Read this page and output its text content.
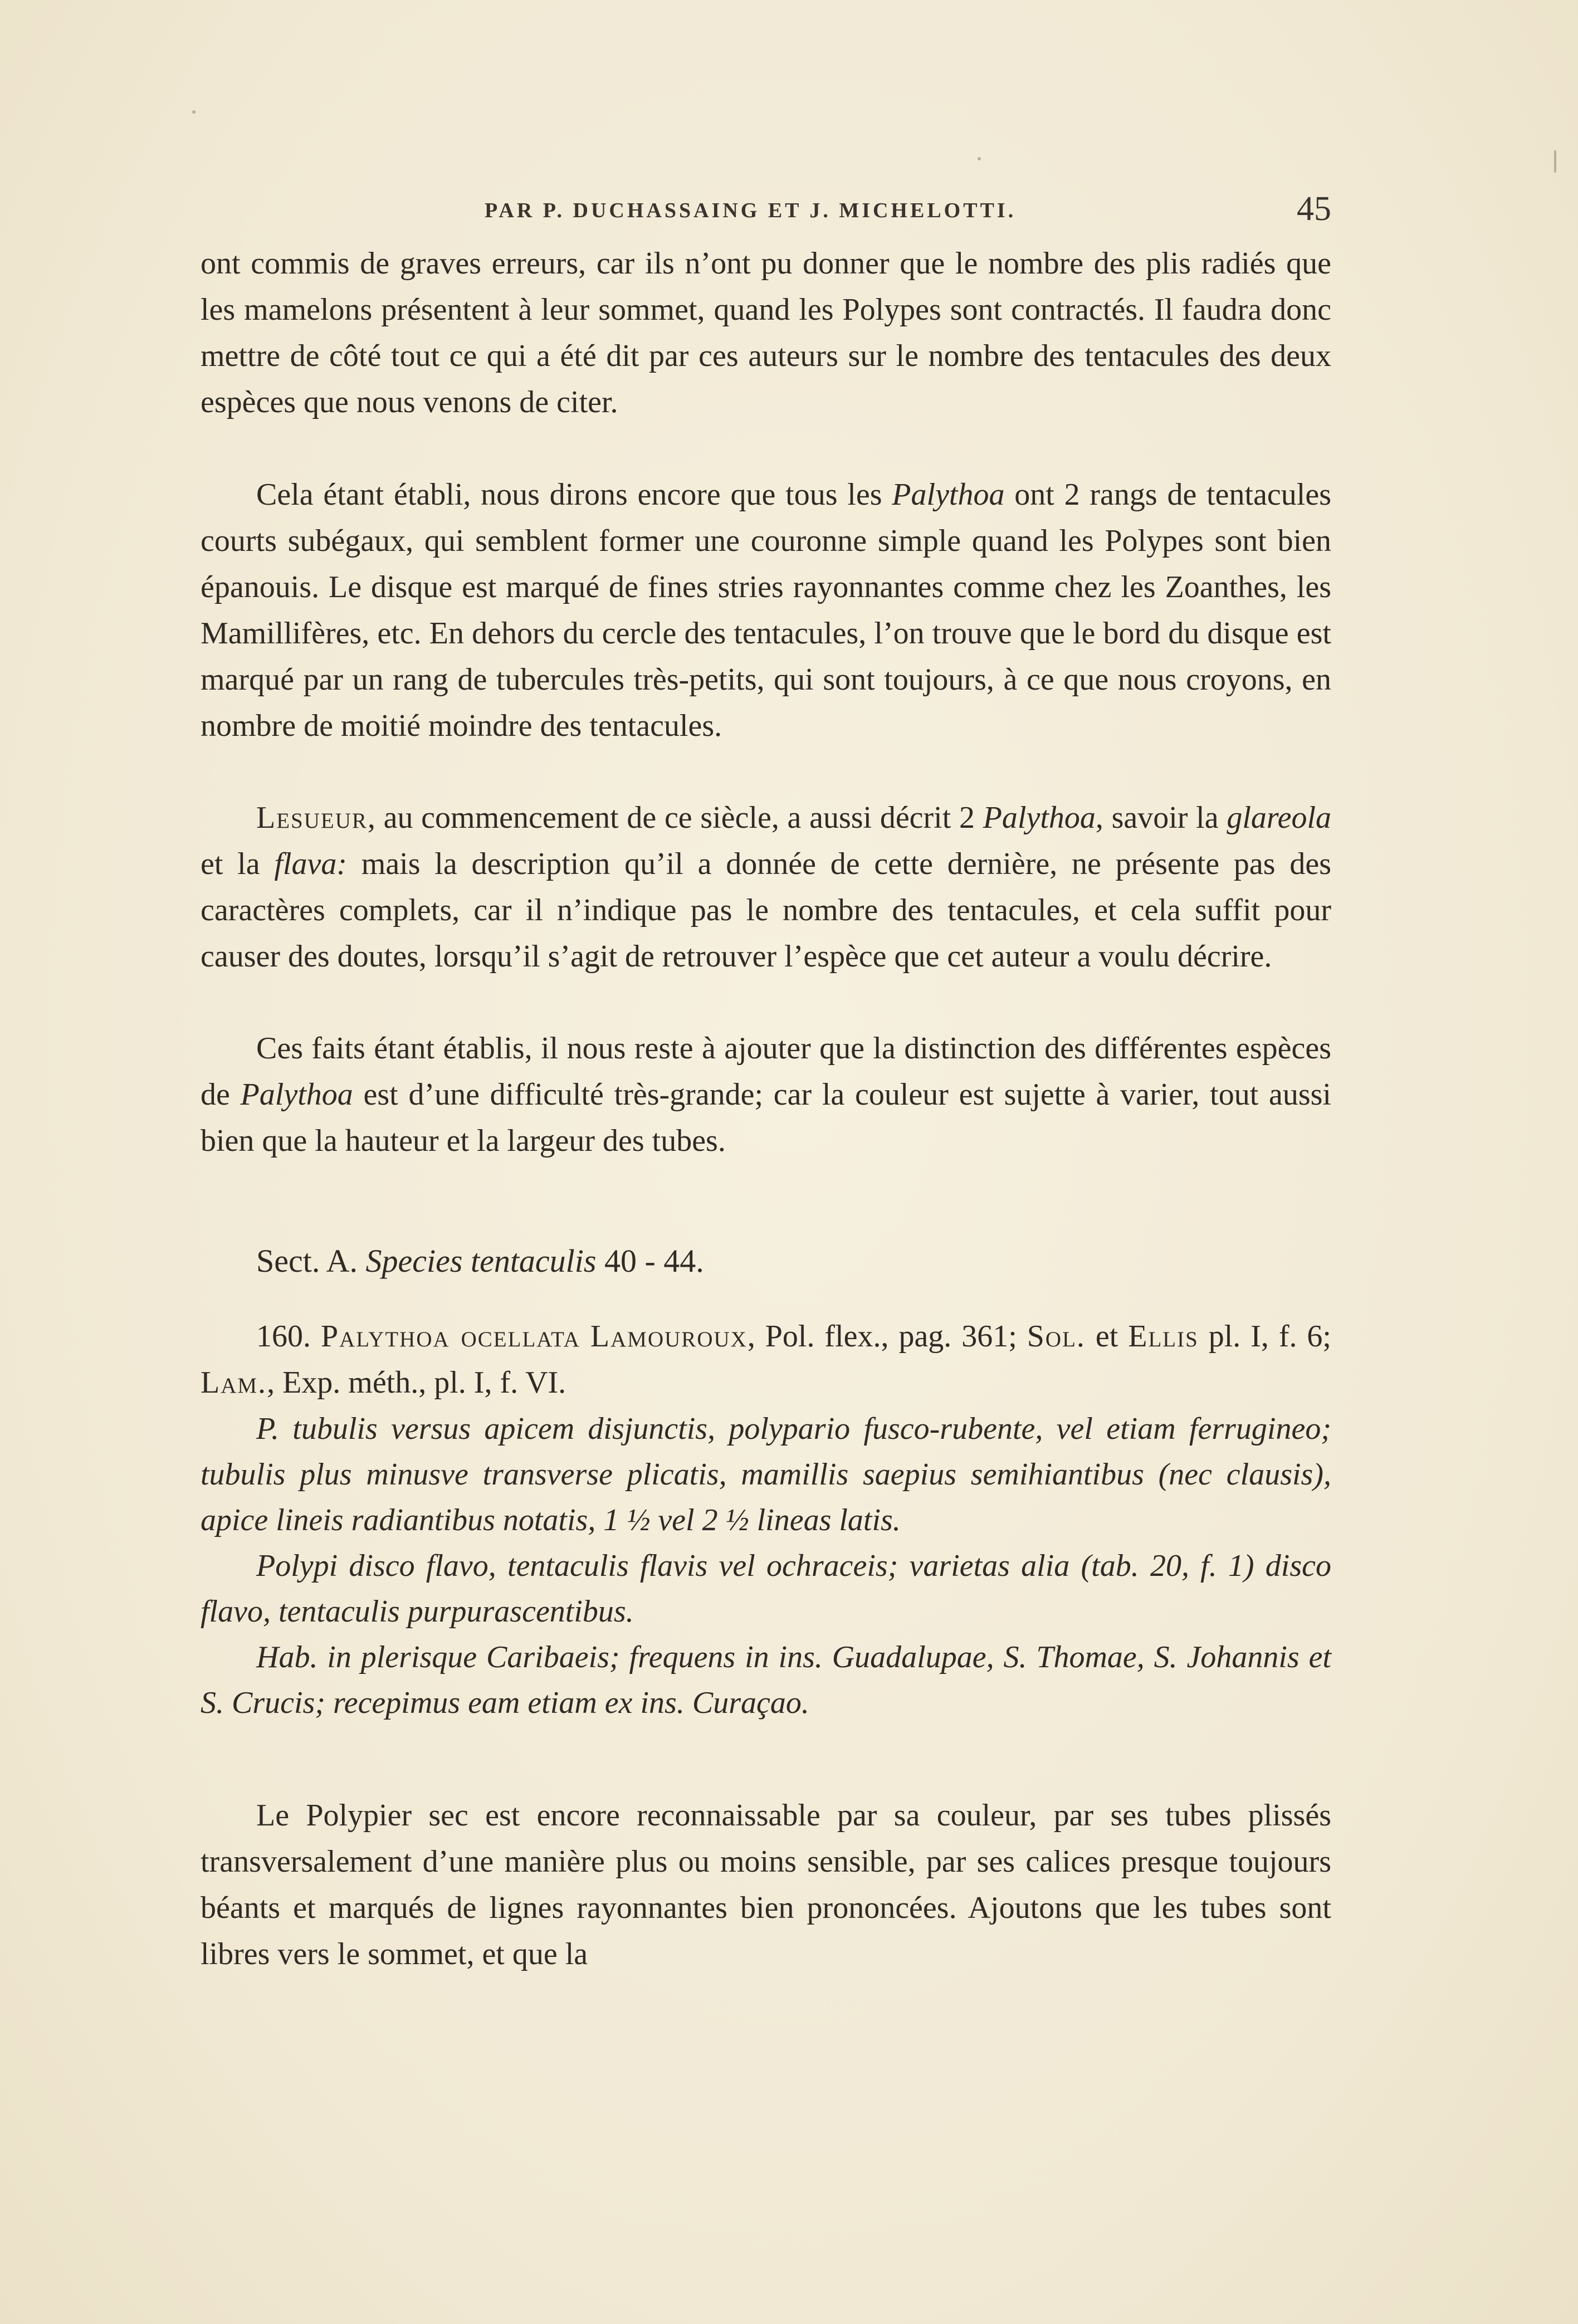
PAR P. DUCHASSAING ET J. MICHELOTTI.	45

ont commis de graves erreurs, car ils n’ont pu donner que le nombre des plis radiés que les mamelons présentent à leur sommet, quand les Polypes sont contractés. Il faudra donc mettre de côté tout ce qui a été dit par ces auteurs sur le nombre des tentacules des deux espèces que nous venons de citer.

Cela étant établi, nous dirons encore que tous les Palythoa ont 2 rangs de tentacules courts subégaux, qui semblent former une couronne simple quand les Polypes sont bien épanouis. Le disque est marqué de fines stries rayonnantes comme chez les Zoanthes, les Mamillifères, etc. En dehors du cercle des tentacules, l’on trouve que le bord du disque est marqué par un rang de tubercules très-petits, qui sont toujours, à ce que nous croyons, en nombre de moitié moindre des tentacules.

Lesueur, au commencement de ce siècle, a aussi décrit 2 Palythoa, savoir la glareola et la flava: mais la description qu’il a donnée de cette dernière, ne présente pas des caractères complets, car il n’indique pas le nombre des tentacules, et cela suffit pour causer des doutes, lorsqu’il s’agit de retrouver l’espèce que cet auteur a voulu décrire.

Ces faits étant établis, il nous reste à ajouter que la distinction des différentes espèces de Palythoa est d’une difficulté très-grande; car la couleur est sujette à varier, tout aussi bien que la hauteur et la largeur des tubes.

Sect. A. Species tentaculis 40 - 44.

160. Palythoa ocellata Lamouroux, Pol. flex., pag. 361; Sol. et Ellis pl. I, f. 6; Lam., Exp. méth., pl. I, f. VI.

P. tubulis versus apicem disjunctis, polypario fusco-rubente, vel etiam ferrugineo; tubulis plus minusve transverse plicatis, mamillis saepius semihiantibus (nec clausis), apice lineis radiantibus notatis, 1 ½ vel 2 ½ lineas latis.

Polypi disco flavo, tentaculis flavis vel ochraceis; varietas alia (tab. 20, f. 1) disco flavo, tentaculis purpurascentibus.

Hab. in plerisque Caribaeis; frequens in ins. Guadalupae, S. Thomae, S. Johannis et S. Crucis; recepimus eam etiam ex ins. Curaçao.

Le Polypier sec est encore reconnaissable par sa couleur, par ses tubes plissés transversalement d’une manière plus ou moins sensible, par ses calices presque toujours béants et marqués de lignes rayonnantes bien prononcées. Ajoutons que les tubes sont libres vers le sommet, et que la
